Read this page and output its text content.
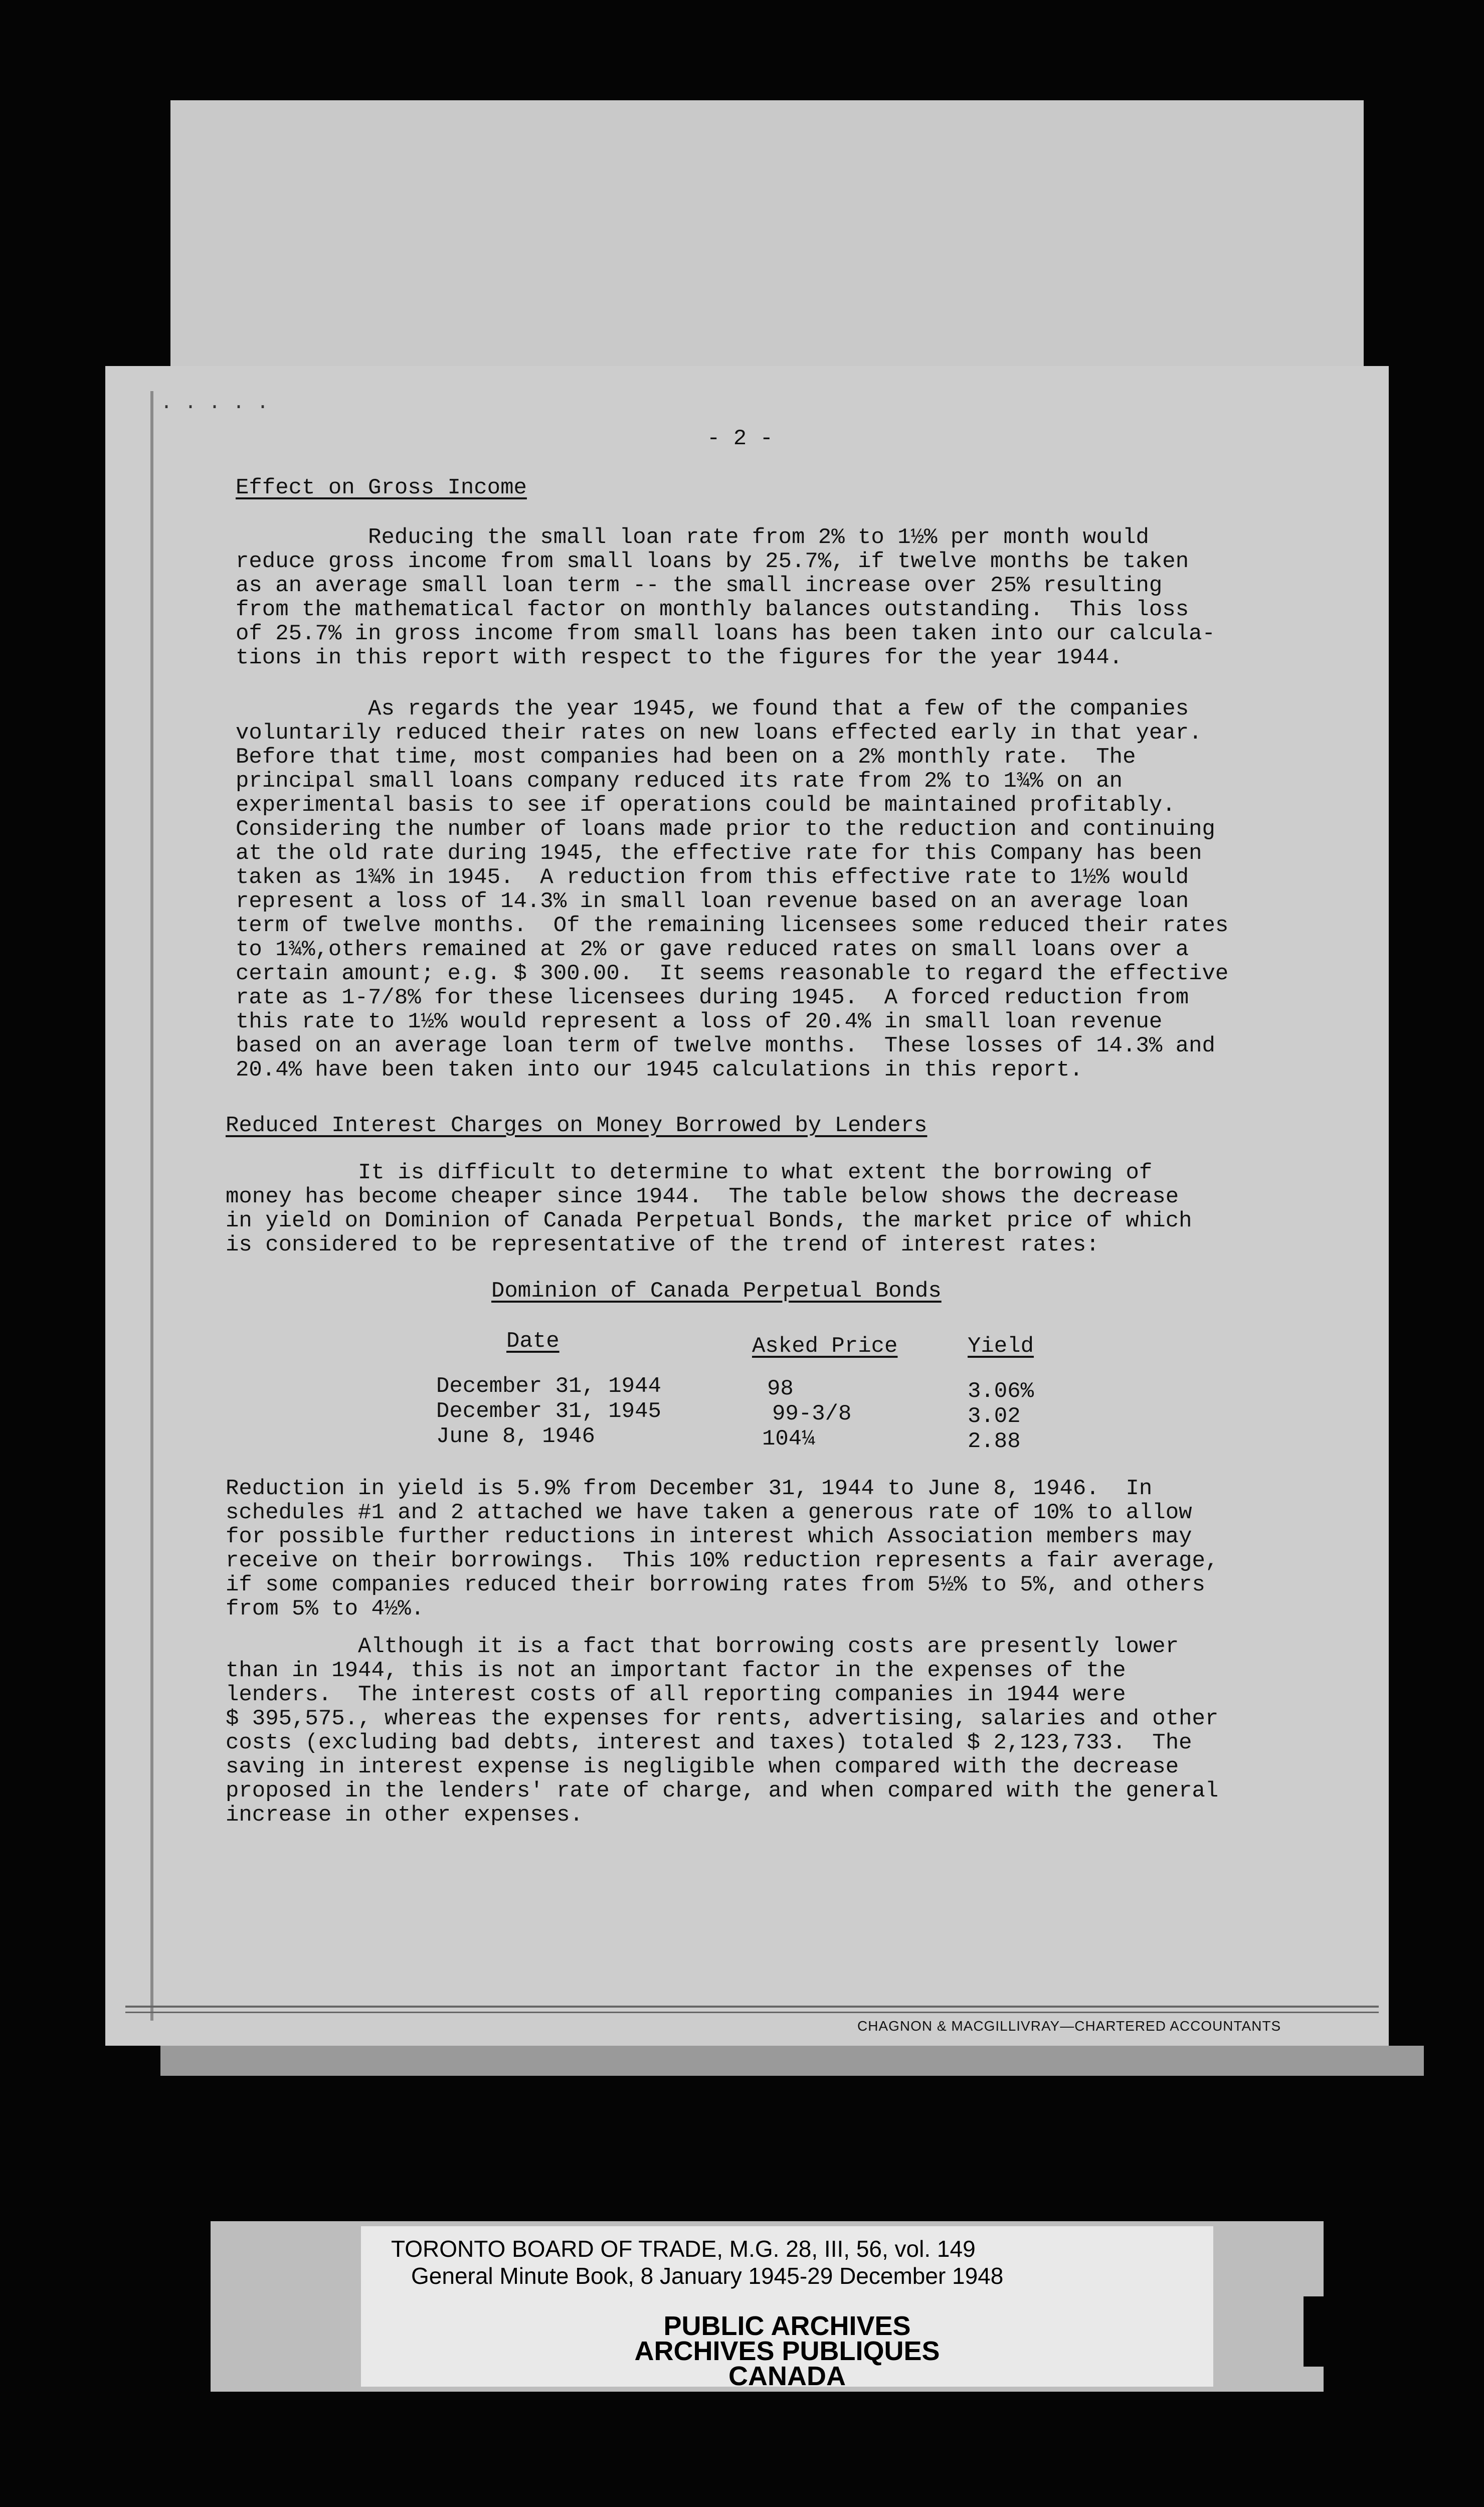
· · · · ·
- 2 -
Effect on Gross Income
Reducing the small loan rate from 2% to 1½% per month would
reduce gross income from small loans by 25.7%, if twelve months be taken
as an average small loan term -- the small increase over 25% resulting
from the mathematical factor on monthly balances outstanding.  This loss
of 25.7% in gross income from small loans has been taken into our calcula-
tions in this report with respect to the figures for the year 1944.
As regards the year 1945, we found that a few of the companies
voluntarily reduced their rates on new loans effected early in that year.
Before that time, most companies had been on a 2% monthly rate.  The
principal small loans company reduced its rate from 2% to 1¾% on an
experimental basis to see if operations could be maintained profitably.
Considering the number of loans made prior to the reduction and continuing
at the old rate during 1945, the effective rate for this Company has been
taken as 1¾% in 1945.  A reduction from this effective rate to 1½% would
represent a loss of 14.3% in small loan revenue based on an average loan
term of twelve months.  Of the remaining licensees some reduced their rates
to 1¾%,others remained at 2% or gave reduced rates on small loans over a
certain amount; e.g. $ 300.00.  It seems reasonable to regard the effective
rate as 1-7/8% for these licensees during 1945.  A forced reduction from
this rate to 1½% would represent a loss of 20.4% in small loan revenue
based on an average loan term of twelve months.  These losses of 14.3% and
20.4% have been taken into our 1945 calculations in this report.
Reduced Interest Charges on Money Borrowed by Lenders
It is difficult to determine to what extent the borrowing of
money has become cheaper since 1944.  The table below shows the decrease
in yield on Dominion of Canada Perpetual Bonds, the market price of which
is considered to be representative of the trend of interest rates:
Dominion of Canada Perpetual Bonds
Date	Asked Price	Yield
December 31, 1944	98	3.06%
December 31, 1945	99-3/8	3.02
June 8, 1946	104¼	2.88
Reduction in yield is 5.9% from December 31, 1944 to June 8, 1946.  In
schedules #1 and 2 attached we have taken a generous rate of 10% to allow
for possible further reductions in interest which Association members may
receive on their borrowings.  This 10% reduction represents a fair average,
if some companies reduced their borrowing rates from 5½% to 5%, and others
from 5% to 4½%.
Although it is a fact that borrowing costs are presently lower
than in 1944, this is not an important factor in the expenses of the
lenders.  The interest costs of all reporting companies in 1944 were
$ 395,575., whereas the expenses for rents, advertising, salaries and other
costs (excluding bad debts, interest and taxes) totaled $ 2,123,733.  The
saving in interest expense is negligible when compared with the decrease
proposed in the lenders' rate of charge, and when compared with the general
increase in other expenses.
CHAGNON & MACGILLIVRAY—CHARTERED ACCOUNTANTS
TORONTO BOARD OF TRADE, M.G. 28, III, 56, vol. 149
General Minute Book, 8 January 1945-29 December 1948
PUBLIC ARCHIVES
ARCHIVES PUBLIQUES
CANADA
